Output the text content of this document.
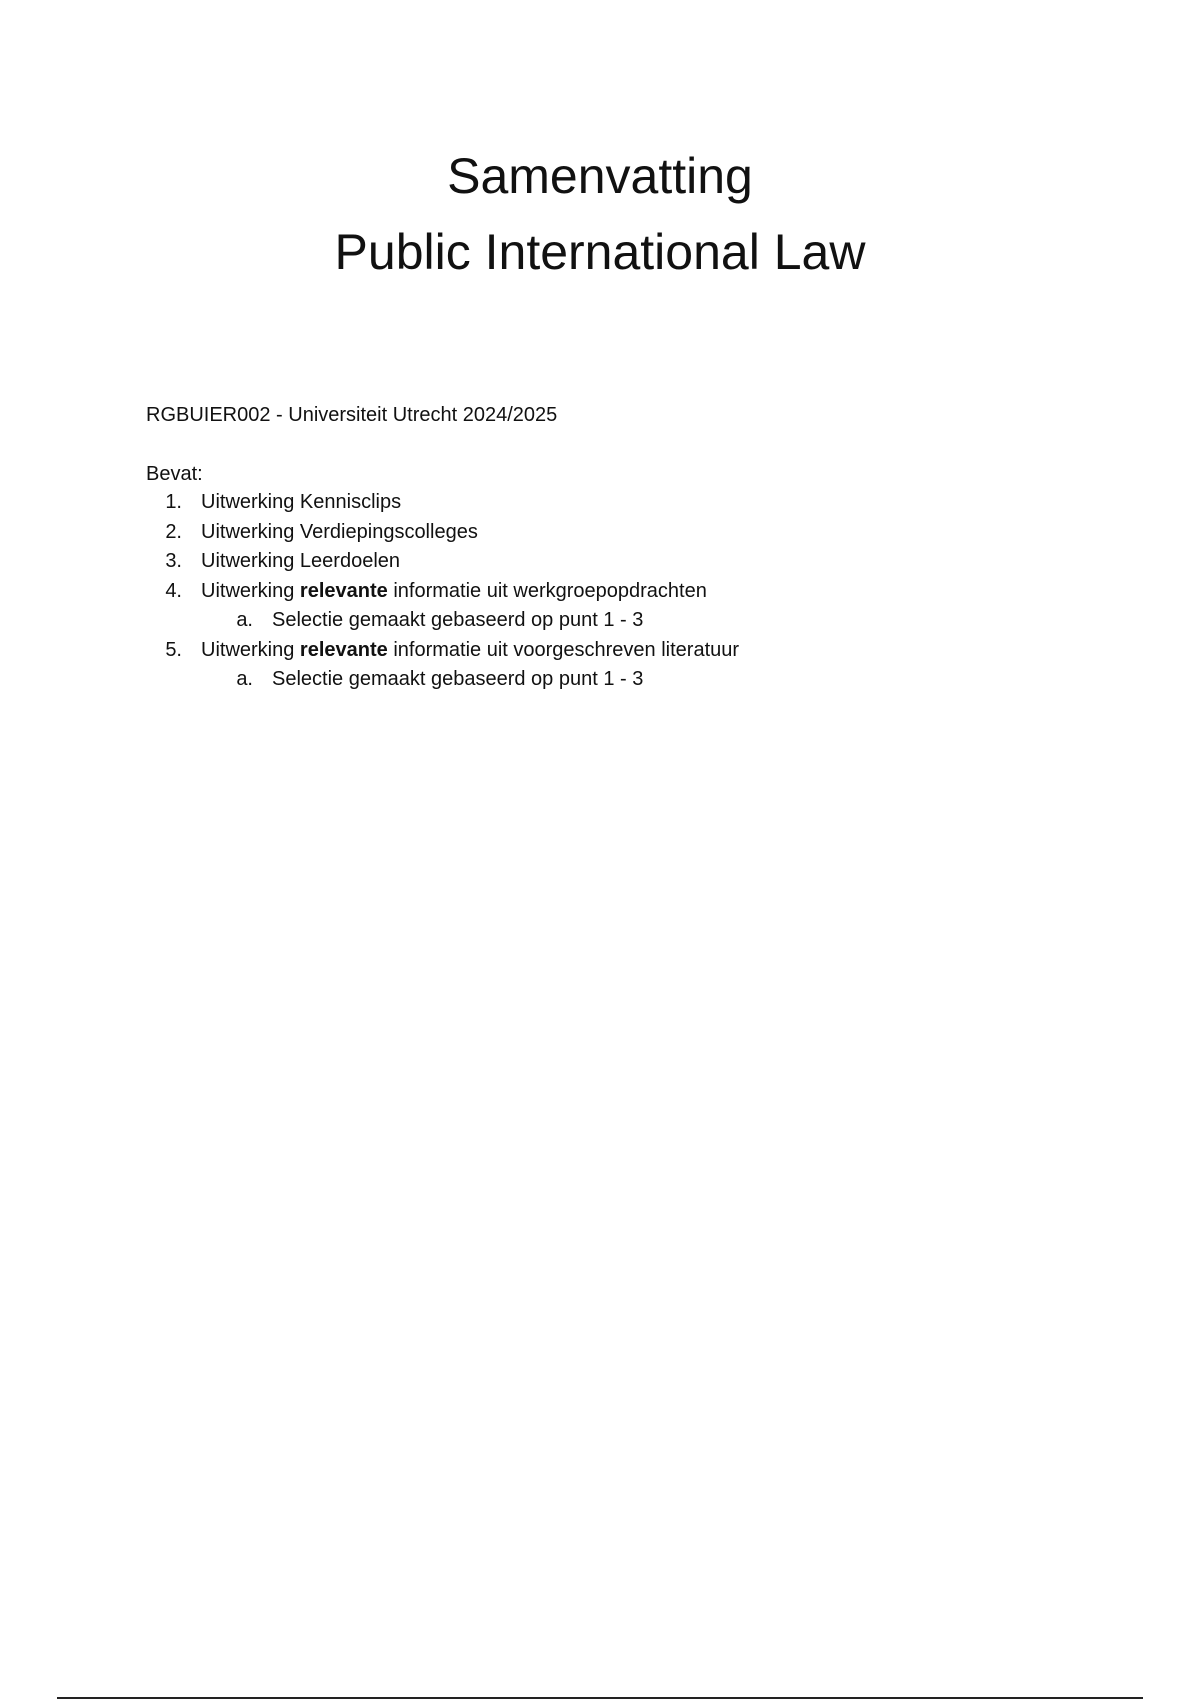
Samenvatting
Public International Law
RGBUIER002 - Universiteit Utrecht 2024/2025
Bevat:
1. Uitwerking Kennisclips
2. Uitwerking Verdiepingscolleges
3. Uitwerking Leerdoelen
4. Uitwerking relevante informatie uit werkgroepopdrachten
a. Selectie gemaakt gebaseerd op punt 1 - 3
5. Uitwerking relevante informatie uit voorgeschreven literatuur
a. Selectie gemaakt gebaseerd op punt 1 - 3
